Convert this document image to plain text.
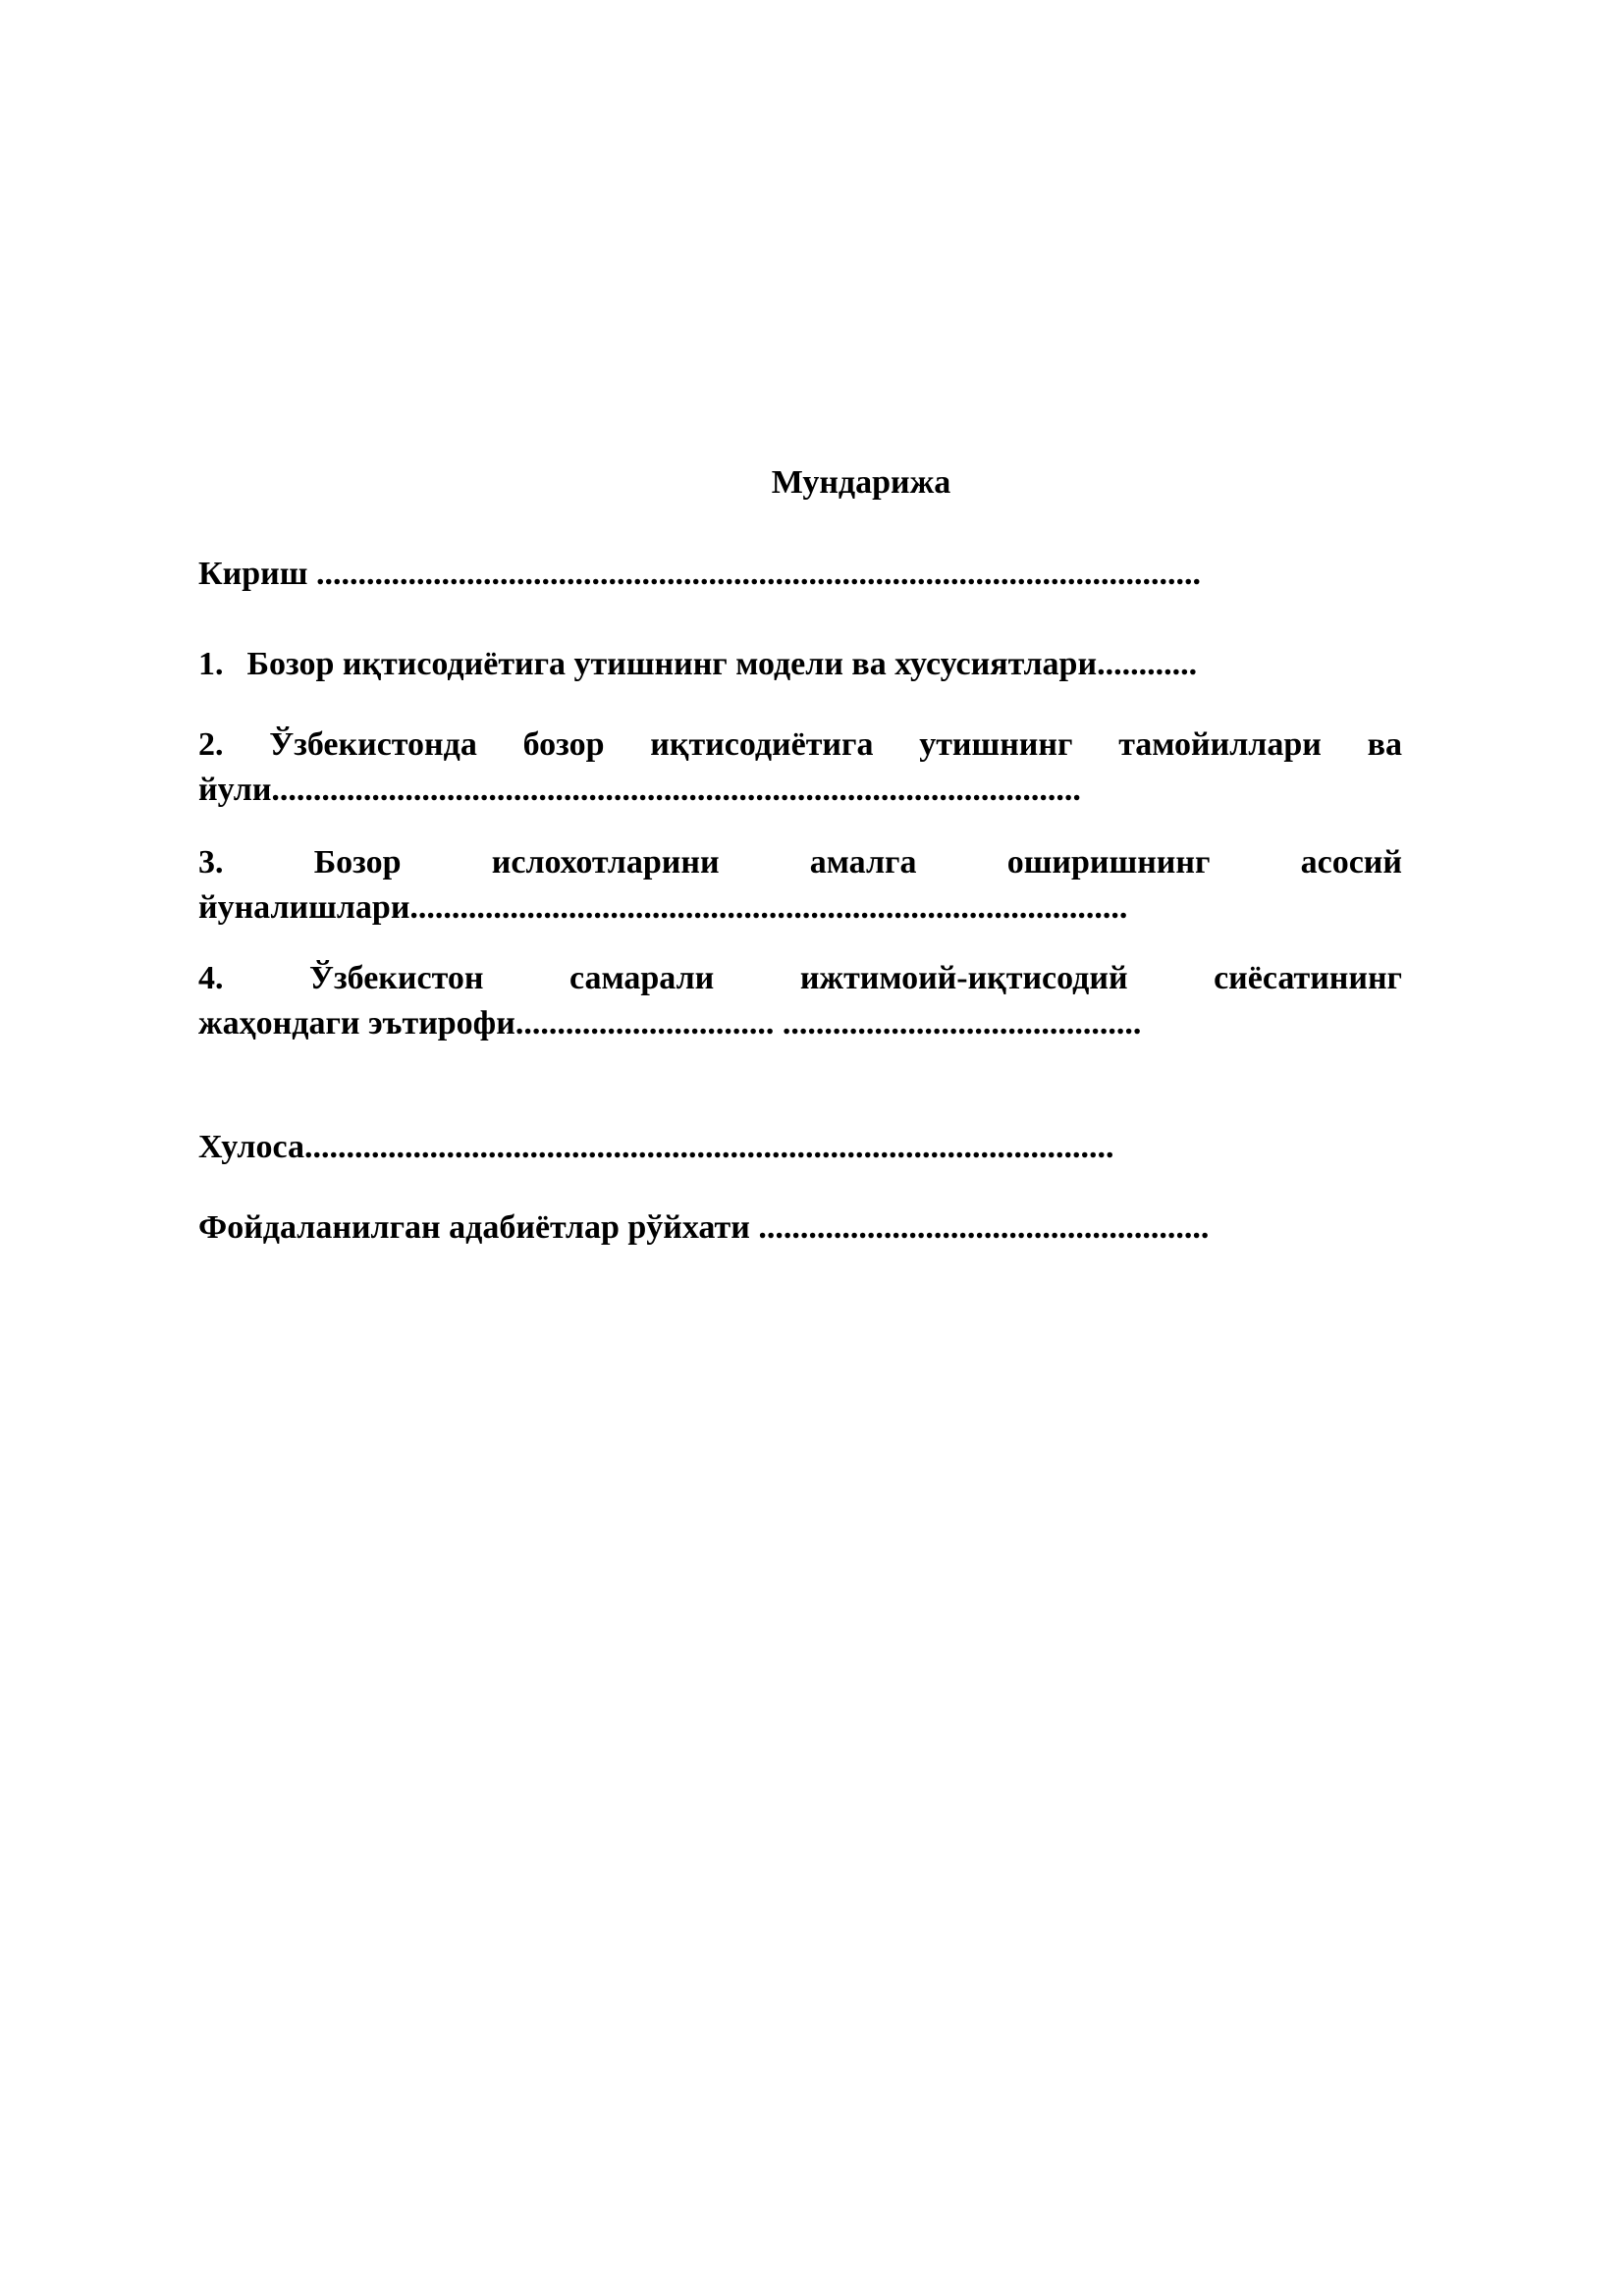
Мундарижа
Кириш ..........................................................................................................
1. Бозор иқтисодиётига утишнинг модели ва хусусиятлари............
2. Ўзбекистонда бозор иқтисодиётига утишнинг тамойиллари ва
йули.................................................................................................
3.	Бозор	ислохотларини	амалга	оширишнинг	асосий
йуналишлари......................................................................................
4.	Ўзбекистон	самарали	ижтимоий-иқтисодий	сиёсатининг
жаҳондаги эътирофи............................... ...........................................
Хулоса.................................................................................................
Фойдаланилган адабиётлар рўйхати ......................................................
